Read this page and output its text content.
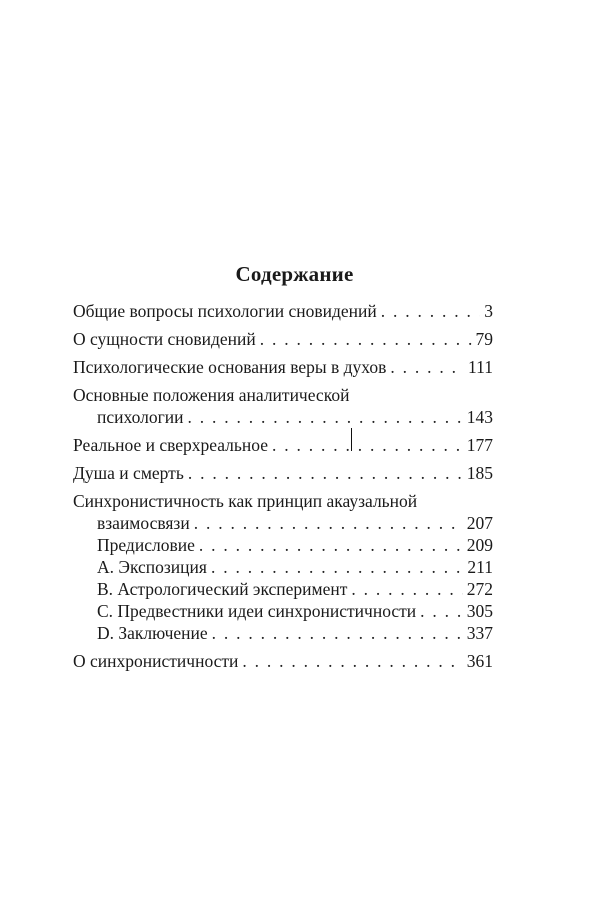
Содержание
Общие вопросы психологии сновидений . . .	3
О сущности сновидений . . .	79
Психологические основания веры в духов . . .	111
Основные положения аналитической
психологии . . .	143
Реальное и сверхреальное . . .	177
Душа и смерть . . .	185
Синхронистичность как принцип акаузальной
взаимосвязи . . .	207
Предисловие . . .	209
А. Экспозиция . . .	211
B. Астрологический эксперимент . . .	272
C. Предвестники идеи синхронистичности . . .	305
D. Заключение . . .	337
О синхронистичности . . .	361
